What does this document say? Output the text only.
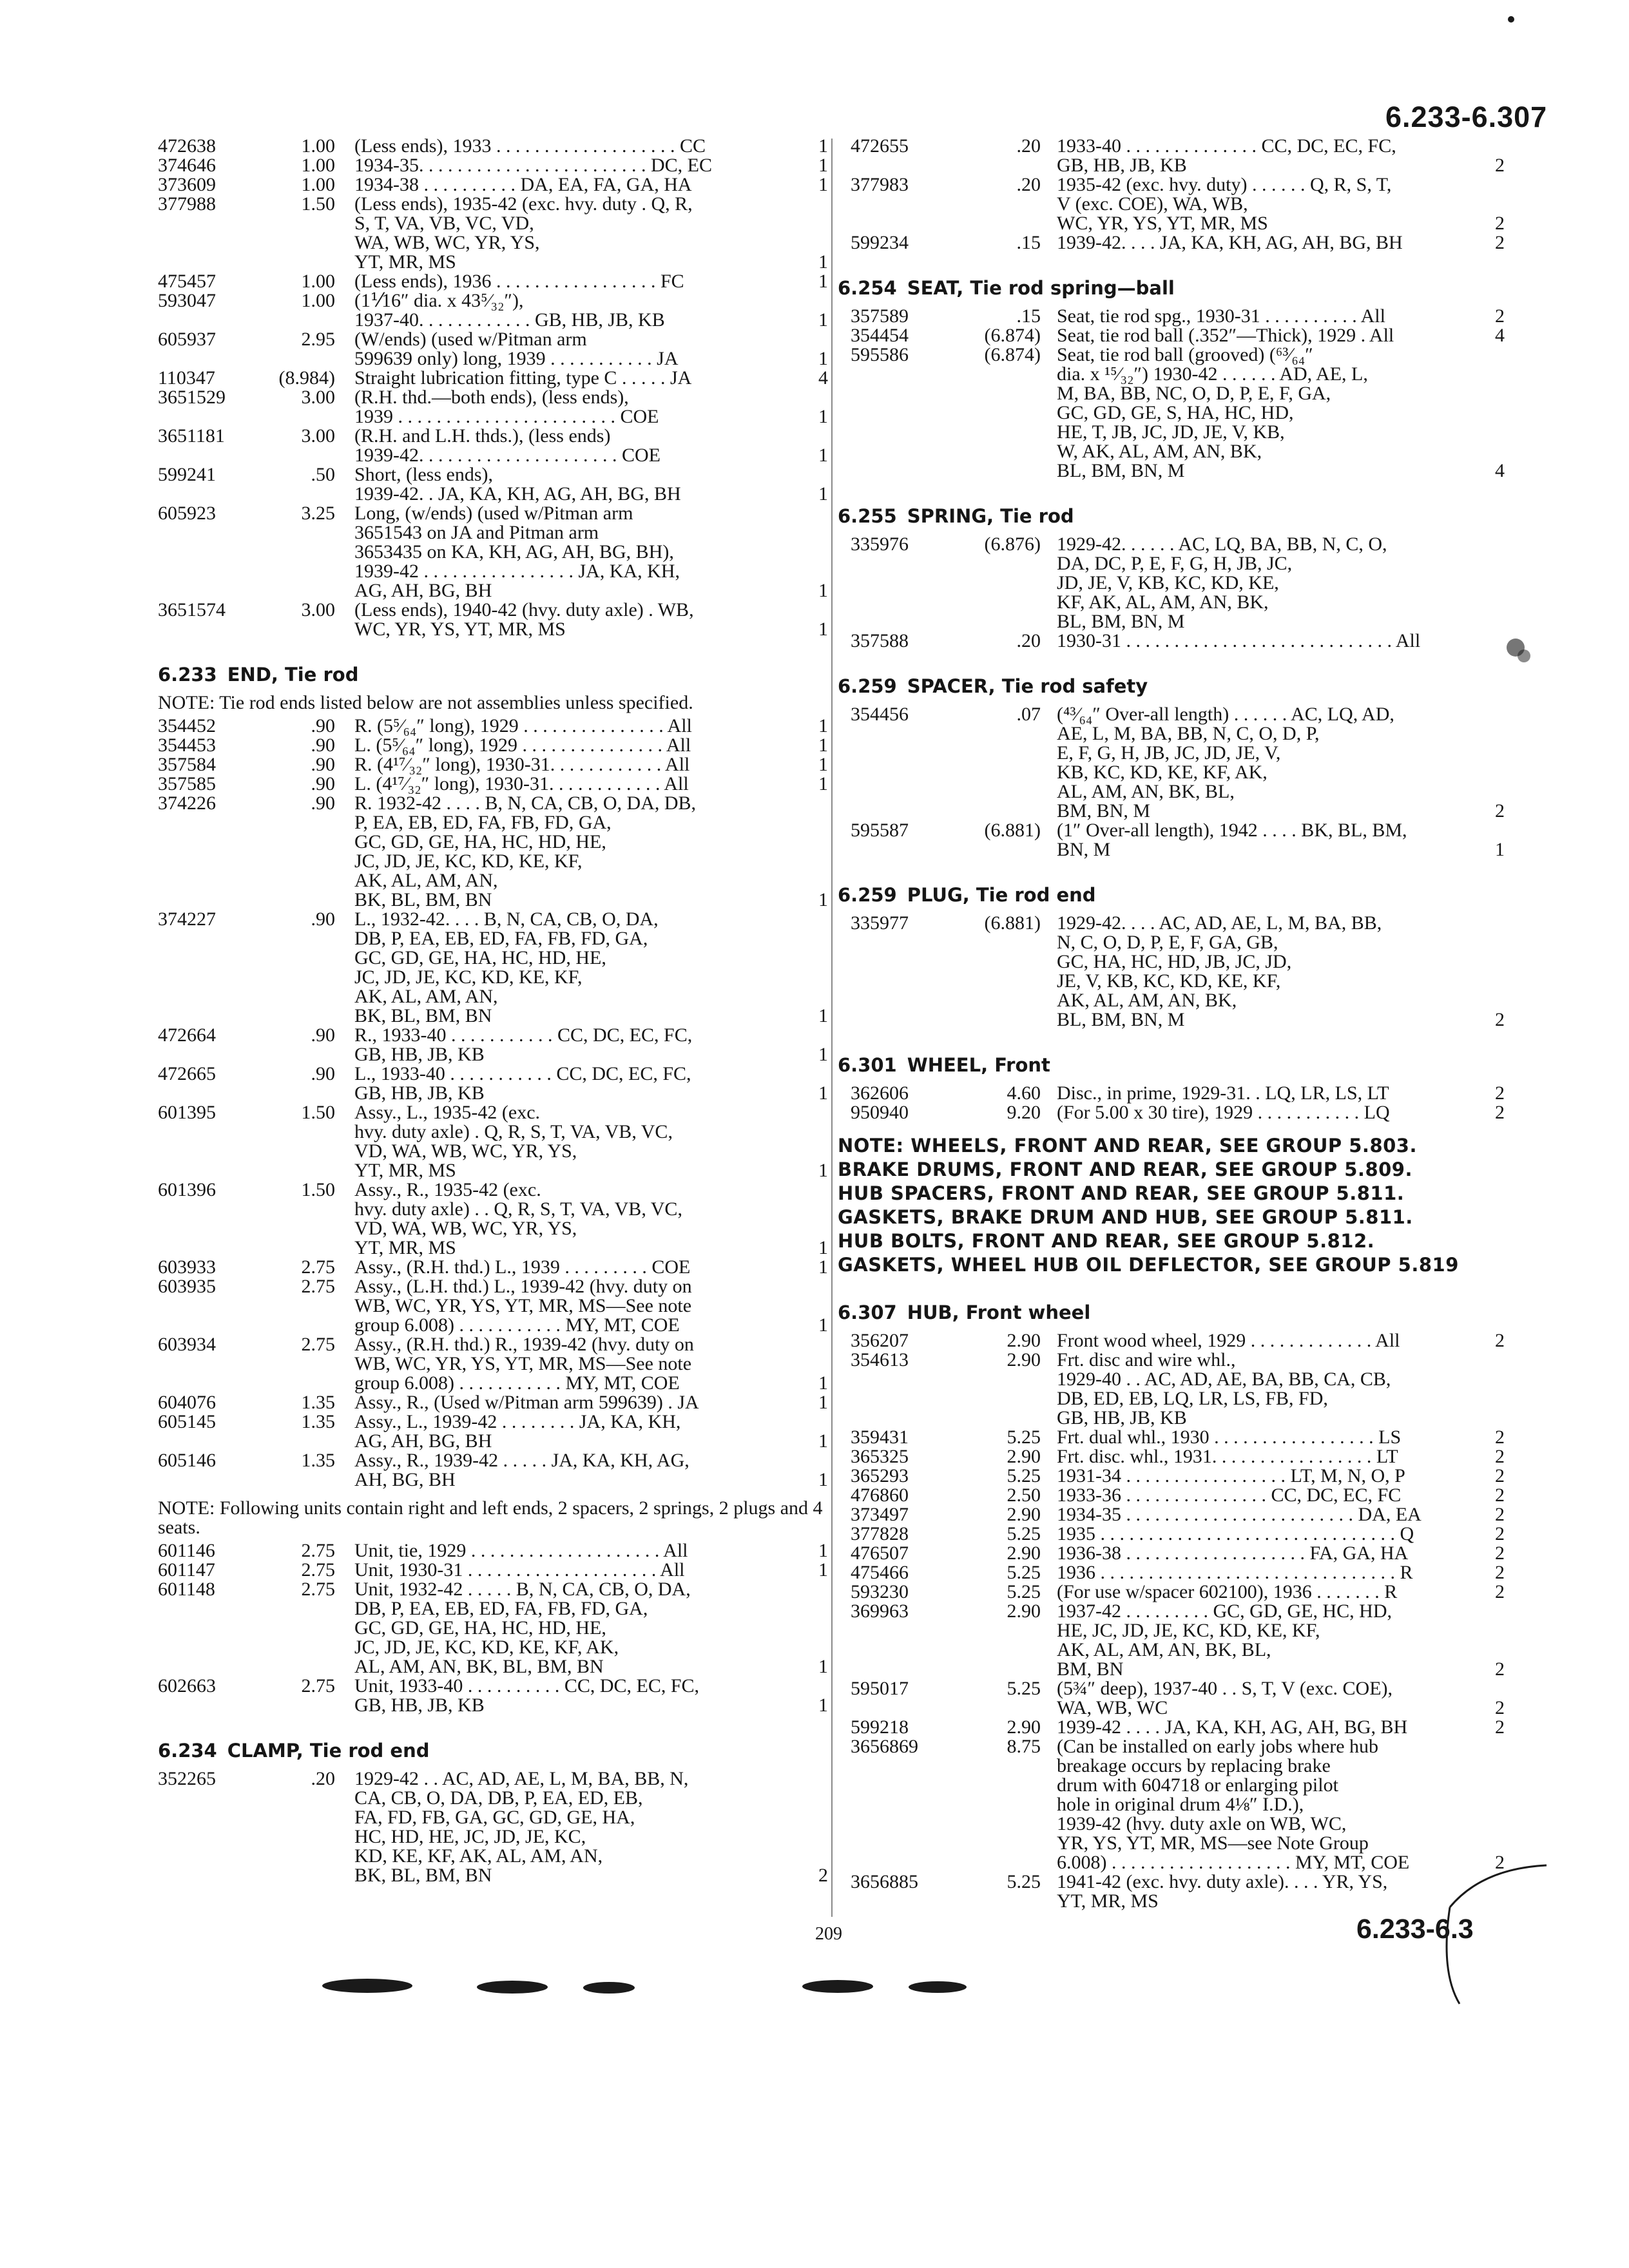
6.233-6.307
472638	1.00	(Less ends), 1933 . . . . . . . . . . . . . . . . . . . CC	1
374646	1.00	1934-35. . . . . . . . . . . . . . . . . . . . . . . . DC, EC	1
373609	1.00	1934-38 . . . . . . . . . . DA, EA, FA, GA, HA	1
377988	1.50	(Less ends), 1935-42 (exc. hvy. duty . Q, R,
S, T, VA, VB, VC, VD,
WA, WB, WC, YR, YS,
YT, MR, MS	1
475457	1.00	(Less ends), 1936 . . . . . . . . . . . . . . . . . FC	1
593047	1.00	(1⅟16″ dia. x 43⁵⁄₃₂″),
1937-40. . . . . . . . . . . . GB, HB, JB, KB	1
605937	2.95	(W/ends) (used w/Pitman arm
599639 only) long, 1939 . . . . . . . . . . . JA	1
110347	(8.984)	Straight lubrication fitting, type C . . . . . JA	4
3651529	3.00	(R.H. thd.—both ends), (less ends),
1939 . . . . . . . . . . . . . . . . . . . . . . . COE	1
3651181	3.00	(R.H. and L.H. thds.), (less ends)
1939-42. . . . . . . . . . . . . . . . . . . . . COE	1
599241	.50	Short, (less ends),
1939-42. . JA, KA, KH, AG, AH, BG, BH	1
605923	3.25	Long, (w/ends) (used w/Pitman arm
3651543 on JA and Pitman arm
3653435 on KA, KH, AG, AH, BG, BH),
1939-42 . . . . . . . . . . . . . . . . JA, KA, KH,
AG, AH, BG, BH	1
3651574	3.00	(Less ends), 1940-42 (hvy. duty axle) . WB,
WC, YR, YS, YT, MR, MS	1
6.233 END, Tie rod
NOTE: Tie rod ends listed below are not assemblies unless specified.
354452	.90	R. (5⁵⁄₆₄″ long), 1929 . . . . . . . . . . . . . . . All	1
354453	.90	L. (5⁵⁄₆₄″ long), 1929 . . . . . . . . . . . . . . . All	1
357584	.90	R. (4¹⁷⁄₃₂″ long), 1930-31. . . . . . . . . . . . All	1
357585	.90	L. (4¹⁷⁄₃₂″ long), 1930-31. . . . . . . . . . . . All	1
374226	.90	R. 1932-42 . . . . B, N, CA, CB, O, DA, DB,
P, EA, EB, ED, FA, FB, FD, GA,
GC, GD, GE, HA, HC, HD, HE,
JC, JD, JE, KC, KD, KE, KF,
AK, AL, AM, AN,
BK, BL, BM, BN	1
374227	.90	L., 1932-42. . . . B, N, CA, CB, O, DA,
DB, P, EA, EB, ED, FA, FB, FD, GA,
GC, GD, GE, HA, HC, HD, HE,
JC, JD, JE, KC, KD, KE, KF,
AK, AL, AM, AN,
BK, BL, BM, BN	1
472664	.90	R., 1933-40 . . . . . . . . . . . CC, DC, EC, FC,
GB, HB, JB, KB	1
472665	.90	L., 1933-40 . . . . . . . . . . . CC, DC, EC, FC,
GB, HB, JB, KB	1
601395	1.50	Assy., L., 1935-42 (exc.
hvy. duty axle) . Q, R, S, T, VA, VB, VC,
VD, WA, WB, WC, YR, YS,
YT, MR, MS	1
601396	1.50	Assy., R., 1935-42 (exc.
hvy. duty axle) . . Q, R, S, T, VA, VB, VC,
VD, WA, WB, WC, YR, YS,
YT, MR, MS	1
603933	2.75	Assy., (R.H. thd.) L., 1939 . . . . . . . . . COE	1
603935	2.75	Assy., (L.H. thd.) L., 1939-42 (hvy. duty on
WB, WC, YR, YS, YT, MR, MS—See note
group 6.008) . . . . . . . . . . . MY, MT, COE	1
603934	2.75	Assy., (R.H. thd.) R., 1939-42 (hvy. duty on
WB, WC, YR, YS, YT, MR, MS—See note
group 6.008) . . . . . . . . . . . MY, MT, COE	1
604076	1.35	Assy., R., (Used w/Pitman arm 599639) . JA	1
605145	1.35	Assy., L., 1939-42 . . . . . . . . JA, KA, KH,
AG, AH, BG, BH	1
605146	1.35	Assy., R., 1939-42 . . . . . JA, KA, KH, AG,
AH, BG, BH	1
NOTE: Following units contain right and left ends, 2 spacers, 2 springs, 2 plugs and 4 seats.
601146	2.75	Unit, tie, 1929 . . . . . . . . . . . . . . . . . . . . All	1
601147	2.75	Unit, 1930-31 . . . . . . . . . . . . . . . . . . . . All	1
601148	2.75	Unit, 1932-42 . . . . . B, N, CA, CB, O, DA,
DB, P, EA, EB, ED, FA, FB, FD, GA,
GC, GD, GE, HA, HC, HD, HE,
JC, JD, JE, KC, KD, KE, KF, AK,
AL, AM, AN, BK, BL, BM, BN	1
602663	2.75	Unit, 1933-40 . . . . . . . . . . CC, DC, EC, FC,
GB, HB, JB, KB	1
6.234 CLAMP, Tie rod end
352265	.20	1929-42 . . AC, AD, AE, L, M, BA, BB, N,
CA, CB, O, DA, DB, P, EA, ED, EB,
FA, FD, FB, GA, GC, GD, GE, HA,
HC, HD, HE, JC, JD, JE, KC,
KD, KE, KF, AK, AL, AM, AN,
BK, BL, BM, BN	2
472655	.20 1933-40 . . . . . . . . . . . . . . CC, DC, EC, FC,
GB, HB, JB, KB	2
377983	.20 1935-42 (exc. hvy. duty) . . . . . . Q, R, S, T,
V (exc. COE), WA, WB,
WC, YR, YS, YT, MR, MS	2
599234	.15 1939-42. . . . JA, KA, KH, AG, AH, BG, BH	2
6.254 SEAT, Tie rod spring—ball
357589	.15 Seat, tie rod spg., 1930-31 . . . . . . . . . . All	2
354454	(6.874) Seat, tie rod ball (.352″—Thick), 1929 . All	4
595586	(6.874) Seat, tie rod ball (grooved) (⁶³⁄₆₄″
dia. x ¹⁵⁄₃₂″) 1930-42 . . . . . . AD, AE, L,
M, BA, BB, NC, O, D, P, E, F, GA,
GC, GD, GE, S, HA, HC, HD,
HE, T, JB, JC, JD, JE, V, KB,
W, AK, AL, AM, AN, BK,
BL, BM, BN, M	4
6.255 SPRING, Tie rod
335976	(6.876) 1929-42. . . . . . AC, LQ, BA, BB, N, C, O,
DA, DC, P, E, F, G, H, JB, JC,
JD, JE, V, KB, KC, KD, KE,
KF, AK, AL, AM, AN, BK,
BL, BM, BN, M
357588	.20 1930-31 . . . . . . . . . . . . . . . . . . . . . . . . . . . . All
6.259 SPACER, Tie rod safety
354456	.07 (⁴³⁄₆₄″ Over-all length) . . . . . . AC, LQ, AD,
AE, L, M, BA, BB, N, C, O, D, P,
E, F, G, H, JB, JC, JD, JE, V,
KB, KC, KD, KE, KF, AK,
AL, AM, AN, BK, BL,
BM, BN, M	2
595587	(6.881) (1″ Over-all length), 1942 . . . . BK, BL, BM,
BN, M	1
6.259 PLUG, Tie rod end
335977	(6.881) 1929-42. . . . AC, AD, AE, L, M, BA, BB,
N, C, O, D, P, E, F, GA, GB,
GC, HA, HC, HD, JB, JC, JD,
JE, V, KB, KC, KD, KE, KF,
AK, AL, AM, AN, BK,
BL, BM, BN, M	2
6.301 WHEEL, Front
362606	4.60 Disc., in prime, 1929-31. . LQ, LR, LS, LT	2
950940	9.20 (For 5.00 x 30 tire), 1929 . . . . . . . . . . . LQ	2
NOTE: WHEELS, FRONT AND REAR, SEE GROUP 5.803.
BRAKE DRUMS, FRONT AND REAR, SEE GROUP 5.809.
HUB SPACERS, FRONT AND REAR, SEE GROUP 5.811.
GASKETS, BRAKE DRUM AND HUB, SEE GROUP 5.811.
HUB BOLTS, FRONT AND REAR, SEE GROUP 5.812.
GASKETS, WHEEL HUB OIL DEFLECTOR, SEE GROUP 5.819
6.307 HUB, Front wheel
356207	2.90 Front wood wheel, 1929 . . . . . . . . . . . . . All	2
354613	2.90 Frt. disc and wire whl.,
1929-40 . . AC, AD, AE, BA, BB, CA, CB,
DB, ED, EB, LQ, LR, LS, FB, FD,
GB, HB, JB, KB
359431	5.25 Frt. dual whl., 1930 . . . . . . . . . . . . . . . . . LS	2
365325	2.90 Frt. disc. whl., 1931. . . . . . . . . . . . . . . . . LT	2
365293	5.25 1931-34 . . . . . . . . . . . . . . . . . LT, M, N, O, P	2
476860	2.50 1933-36 . . . . . . . . . . . . . . . CC, DC, EC, FC	2
373497	2.90 1934-35 . . . . . . . . . . . . . . . . . . . . . . . . DA, EA	2
377828	5.25 1935 . . . . . . . . . . . . . . . . . . . . . . . . . . . . . . . Q	2
476507	2.90 1936-38 . . . . . . . . . . . . . . . . . . . FA, GA, HA	2
475466	5.25 1936 . . . . . . . . . . . . . . . . . . . . . . . . . . . . . . . R	2
593230	5.25 (For use w/spacer 602100), 1936 . . . . . . . R	2
369963	2.90 1937-42 . . . . . . . . . GC, GD, GE, HC, HD,
HE, JC, JD, JE, KC, KD, KE, KF,
AK, AL, AM, AN, BK, BL,
BM, BN	2
595017	5.25 (5¾″ deep), 1937-40 . . S, T, V (exc. COE),
WA, WB, WC	2
599218	2.90 1939-42 . . . . JA, KA, KH, AG, AH, BG, BH	2
3656869	8.75 (Can be installed on early jobs where hub
breakage occurs by replacing brake
drum with 604718 or enlarging pilot
hole in original drum 4⅛″ I.D.),
1939-42 (hvy. duty axle on WB, WC,
YR, YS, YT, MR, MS—see Note Group
6.008) . . . . . . . . . . . . . . . . . . . MY, MT, COE	2
3656885	5.25 1941-42 (exc. hvy. duty axle). . . . YR, YS,
YT, MR, MS
209	6.233-6.3
